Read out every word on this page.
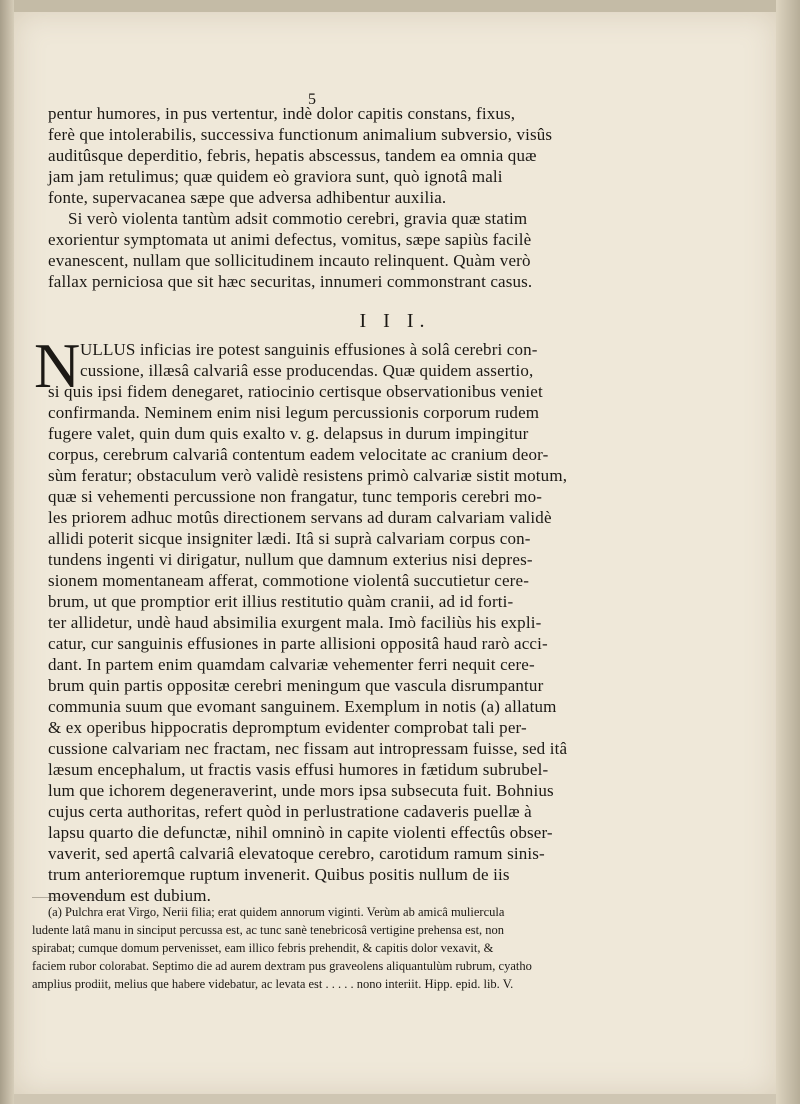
5
pentur humores, in pus vertentur, indè dolor capitis constans, fixus,
ferè que intolerabilis, successiva functionum animalium subversio, visûs
auditûsque deperditio, febris, hepatis abscessus, tandem ea omnia quæ
jam jam retulimus; quæ quidem eò graviora sunt, quò ignotâ mali
fonte, supervacanea sæpe que adversa adhibentur auxilia.
Si verò violenta tantùm adsit commotio cerebri, gravia quæ statim
exorientur symptomata ut animi defectus, vomitus, sæpe sapiùs facilè
evanescent, nullam que sollicitudinem incauto relinquent. Quàm verò
fallax perniciosa que sit hæc securitas, innumeri commonstrant casus.
I I I.
N ULLUS inficias ire potest sanguinis effusiones à solâ cerebri con-
cussione, illæsâ calvariâ esse producendas. Quæ quidem assertio,
si quis ipsi fidem denegaret, ratiocinio certisque observationibus veniet
confirmanda. Neminem enim nisi legum percussionis corporum rudem
fugere valet, quin dum quis exalto v. g. delapsus in durum impingitur
corpus, cerebrum calvariâ contentum eadem velocitate ac cranium deor-
sùm feratur; obstaculum verò validè resistens primò calvariæ sistit motum,
quæ si vehementi percussione non frangatur, tunc temporis cerebri mo-
les priorem adhuc motûs directionem servans ad duram calvariam validè
allidi poterit sicque insigniter lædi. Itâ si suprà calvariam corpus con-
tundens ingenti vi dirigatur, nullum que damnum exterius nisi depres-
sionem momentaneam afferat, commotione violentâ succutietur cere-
brum, ut que promptior erit illius restitutio quàm cranii, ad id forti-
ter allidetur, undè haud absimilia exurgent mala. Imò faciliùs his expli-
catur, cur sanguinis effusiones in parte allisioni oppositâ haud rarò acci-
dant. In partem enim quamdam calvariæ vehementer ferri nequit cere-
brum quin partis oppositæ cerebri meningum que vascula disrumpantur
communia suum que evomant sanguinem. Exemplum in notis (a) allatum
& ex operibus hippocratis depromptum evidenter comprobat tali per-
cussione calvariam nec fractam, nec fissam aut intropressam fuisse, sed itâ
læsum encephalum, ut fractis vasis effusi humores in fætidum subrubel-
lum que ichorem degeneraverint, unde mors ipsa subsecuta fuit. Bohnius
cujus certa authoritas, refert quòd in perlustratione cadaveris puellæ à
lapsu quarto die defunctæ, nihil omninò in capite violenti effectûs obser-
vaverit, sed apertâ calvariâ elevatoque cerebro, carotidum ramum sinis-
trum anterioremque ruptum invenerit. Quibus positis nullum de iis
movendum est dubium.
(a) Pulchra erat Virgo, Nerii filia; erat quidem annorum viginti. Verùm ab amicâ muliercula
ludente latâ manu in sinciput percussa est, ac tunc sanè tenebricosâ vertigine prehensa est, non
spirabat; cumque domum pervenisset, eam illico febris prehendit, & capitis dolor vexavit, &
faciem rubor colorabat. Septimo die ad aurem dextram pus graveolens aliquantulùm rubrum, cyatho
amplius prodiit, melius que habere videbatur, ac levata est . . . . . nono interiit. Hipp. epid. lib. V.
